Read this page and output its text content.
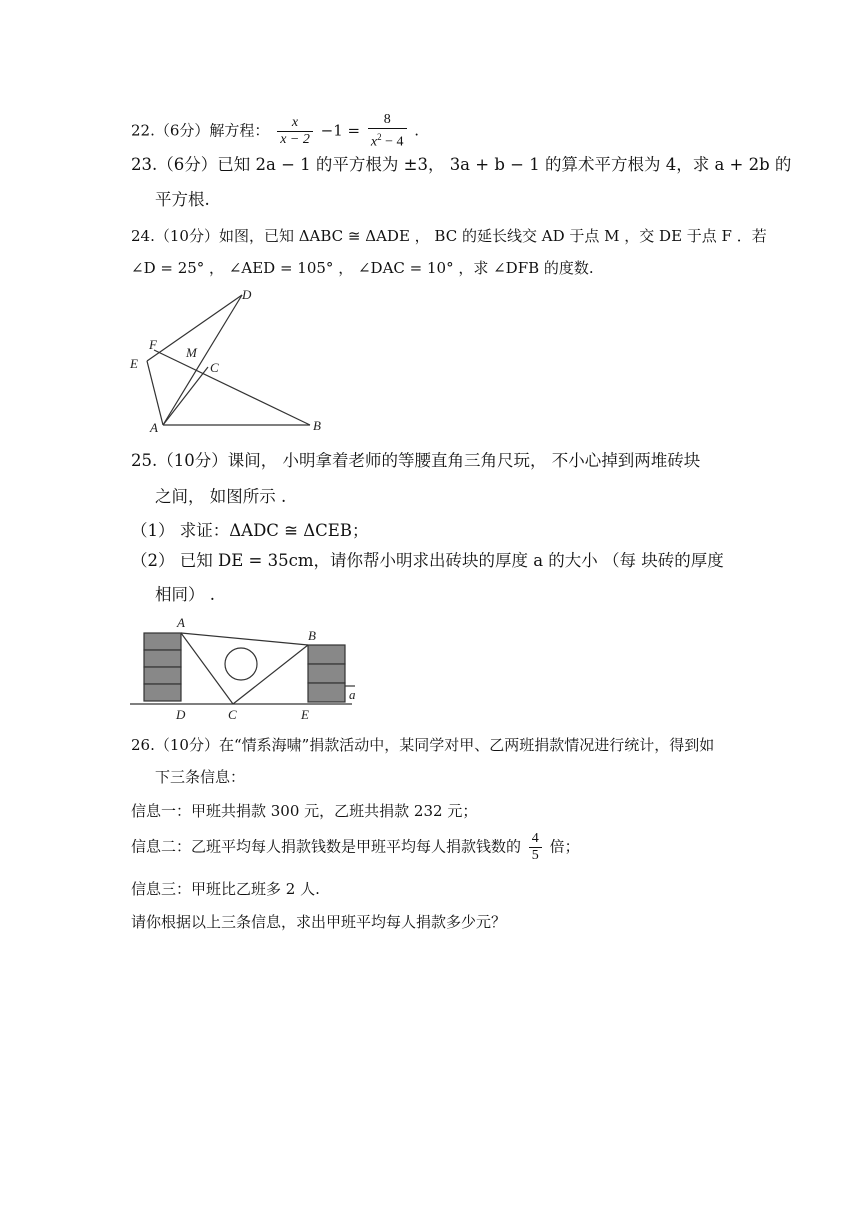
22.（6分）解方程： $\frac{x}{x - 2} -1 = \frac{8}{x^2 - 4}$ .
23.（6分）已知 2a − 1 的平方根为 ±3， 3a + b − 1 的算术平方根为 4，求 a + 2b 的
平方根.
24.（10分）如图，已知 ΔABC ≅ ΔADE ， BC 的延长线交 AD 于点 M ，交 DE 于点 F ．若
∠D = 25° ， ∠AED = 105° ， ∠DAC = 10° ，求 ∠DFB 的度数.
D
F
M
E	C
A	B
25.（10分）课间， 小明拿着老师的等腰直角三角尺玩， 不小心掉到两堆砖块
之间， 如图所示 .
（1） 求证：ΔADC ≅ ΔCEB；
（2） 已知 DE = 35cm，请你帮小明求出砖块的厚度 a 的大小 （每 块砖的厚度
相同） .
A
B
C
D	E
a
26.（10分）在“情系海啸”捐款活动中，某同学对甲、乙两班捐款情况进行统计，得到如
下三条信息：
信息一：甲班共捐款 300 元，乙班共捐款 232 元；
信息二：乙班平均每人捐款钱数是甲班平均每人捐款钱数的 $\frac{4}{5}$ 倍；
信息三：甲班比乙班多 2 人.
请你根据以上三条信息，求出甲班平均每人捐款多少元？
